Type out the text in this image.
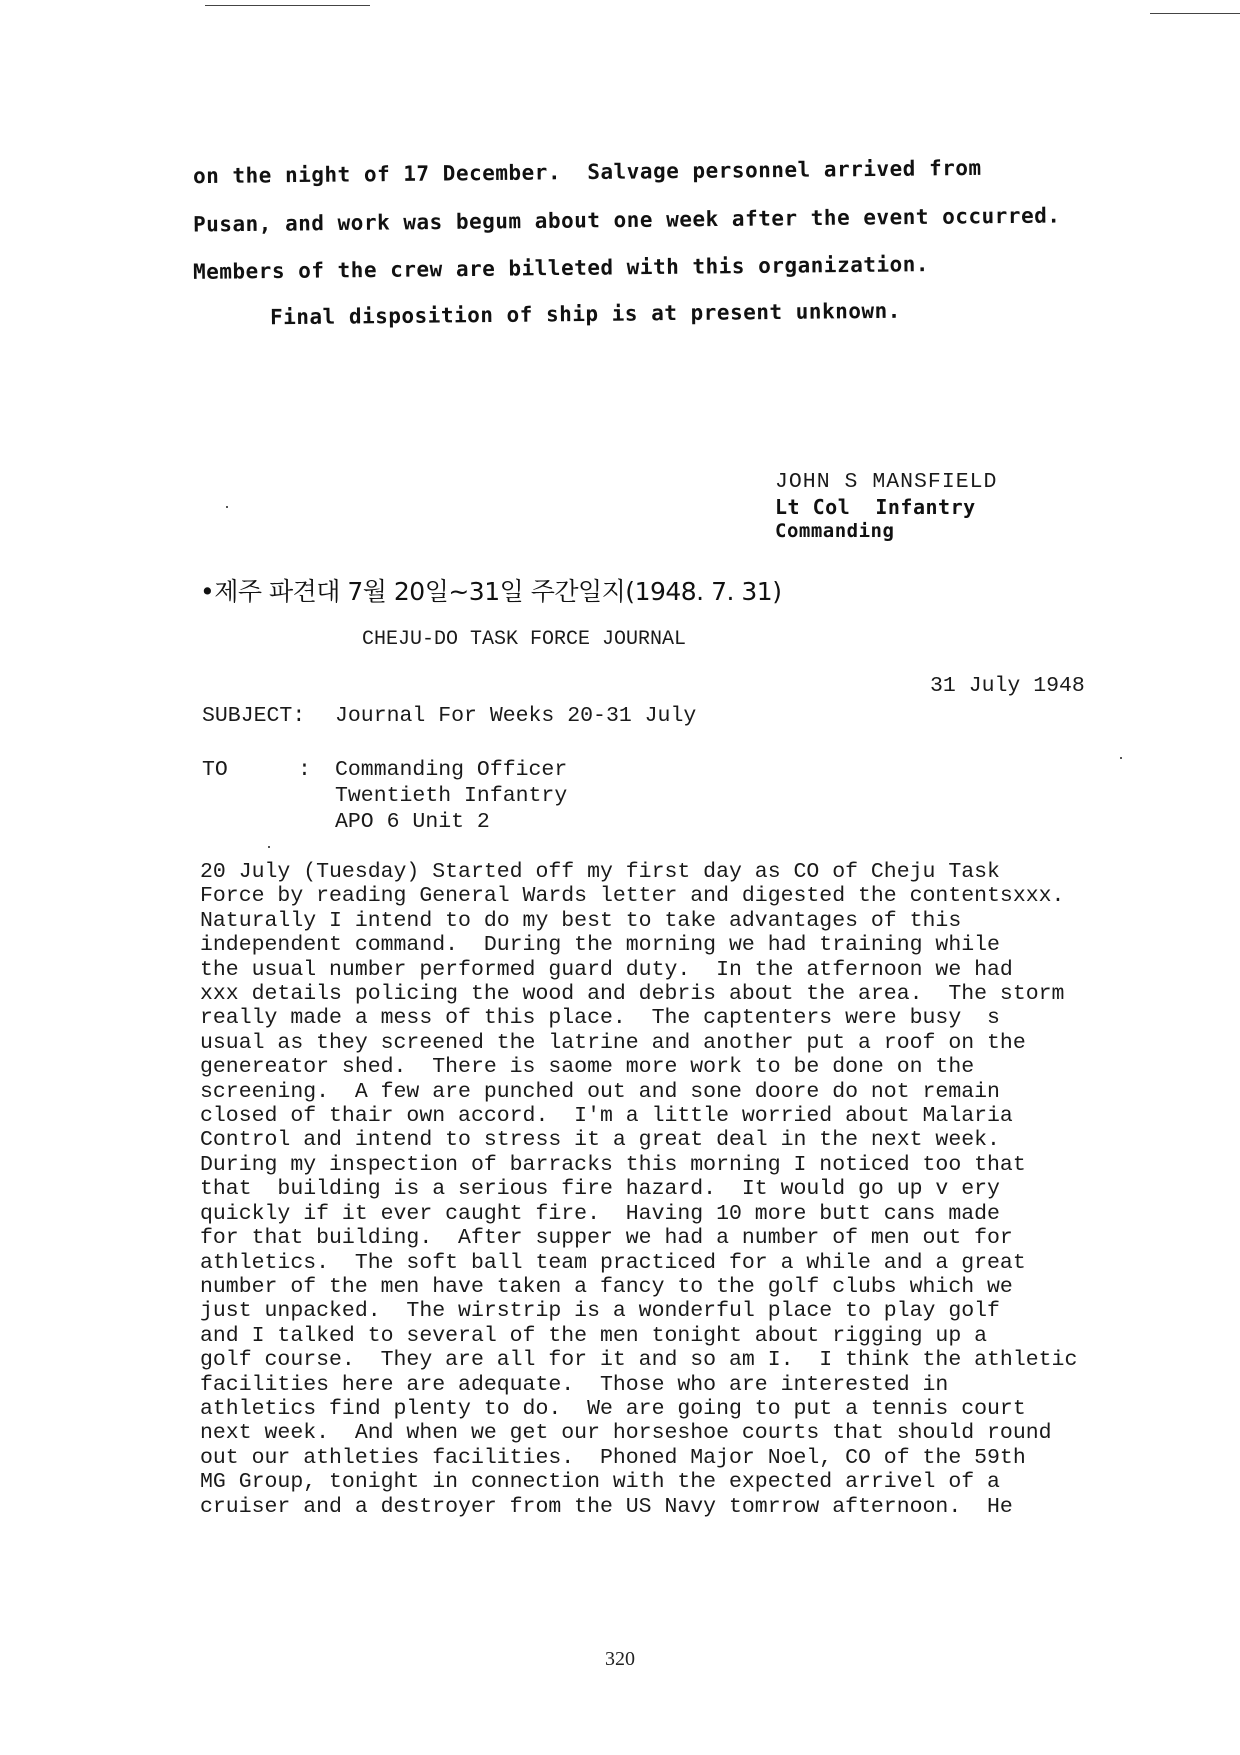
on the night of 17 December.  Salvage personnel arrived from
Pusan, and work was begum about one week after the event occurred.
Members of the crew are billeted with this organization.
Final disposition of ship is at present unknown.
JOHN S MANSFIELD
Lt Col  Infantry
Commanding
•제주 파견대 7월 20일~31일 주간일지(1948. 7. 31)
CHEJU-DO TASK FORCE JOURNAL
31 July 1948
SUBJECT: Journal For Weeks 20-31 July
TO	: Commanding Officer
Twentieth Infantry
APO 6 Unit 2
20 July (Tuesday) Started off my first day as CO of Cheju Task
Force by reading General Wards letter and digested the contentsxxx.
Naturally I intend to do my best to take advantages of this
independent command.  During the morning we had training while
the usual number performed guard duty.  In the atfernoon we had
xxx details policing the wood and debris about the area.  The storm
really made a mess of this place.  The captenters were busy  s
usual as they screened the latrine and another put a roof on the
genereator shed.  There is saome more work to be done on the
screening.  A few are punched out and sone doore do not remain
closed of thair own accord.  I'm a little worried about Malaria
Control and intend to stress it a great deal in the next week.
During my inspection of barracks this morning I noticed too that
that  building is a serious fire hazard.  It would go up v ery
quickly if it ever caught fire.  Having 10 more butt cans made
for that building.  After supper we had a number of men out for
athletics.  The soft ball team practiced for a while and a great
number of the men have taken a fancy to the golf clubs which we
just unpacked.  The wirstrip is a wonderful place to play golf
and I talked to several of the men tonight about rigging up a
golf course.  They are all for it and so am I.  I think the athletic
facilities here are adequate.  Those who are interested in
athletics find plenty to do.  We are going to put a tennis court
next week.  And when we get our horseshoe courts that should round
out our athleties facilities.  Phoned Major Noel, CO of the 59th
MG Group, tonight in connection with the expected arrivel of a
cruiser and a destroyer from the US Navy tomrrow afternoon.  He
320
